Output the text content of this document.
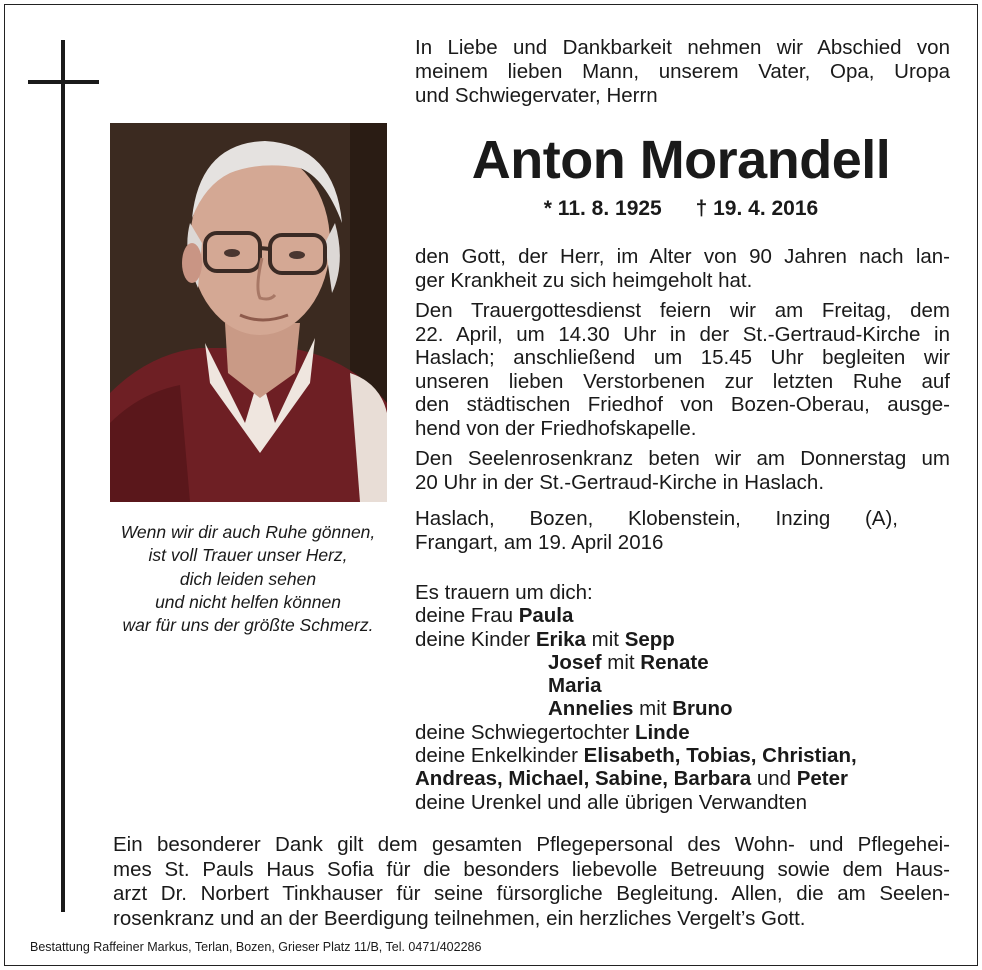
Wenn wir dir auch Ruhe gönnen,
ist voll Trauer unser Herz,
dich leiden sehen
und nicht helfen können
war für uns der größte Schmerz.
In Liebe und Dankbarkeit nehmen wir Abschied von
meinem lieben Mann, unserem Vater, Opa, Uropa
und Schwiegervater, Herrn
Anton Morandell
* 11. 8. 1925 † 19. 4. 2016
den Gott, der Herr, im Alter von 90 Jahren nach lan-
ger Krankheit zu sich heimgeholt hat.
Den Trauergottesdienst feiern wir am Freitag, dem
22. April, um 14.30 Uhr in der St.-Gertraud-Kirche in
Haslach; anschließend um 15.45 Uhr begleiten wir
unseren lieben Verstorbenen zur letzten Ruhe auf
den städtischen Friedhof von Bozen-Oberau, ausge-
hend von der Friedhofskapelle.
Den Seelenrosenkranz beten wir am Donnerstag um
20 Uhr in der St.-Gertraud-Kirche in Haslach.
Haslach, Bozen, Klobenstein, Inzing (A),
Frangart, am 19. April 2016
Es trauern um dich:
deine Frau Paula
deine Kinder Erika mit Sepp
Josef mit Renate
Maria
Annelies mit Bruno
deine Schwiegertochter Linde
deine Enkelkinder Elisabeth, Tobias, Christian,
Andreas, Michael, Sabine, Barbara und Peter
deine Urenkel und alle übrigen Verwandten
Ein besonderer Dank gilt dem gesamten Pflegepersonal des Wohn- und Pflegehei-
mes St. Pauls Haus Sofia für die besonders liebevolle Betreuung sowie dem Haus-
arzt Dr. Norbert Tinkhauser für seine fürsorgliche Begleitung. Allen, die am Seelen-
rosenkranz und an der Beerdigung teilnehmen, ein herzliches Vergelt’s Gott.
Bestattung Raffeiner Markus, Terlan, Bozen, Grieser Platz 11/B, Tel. 0471/402286
